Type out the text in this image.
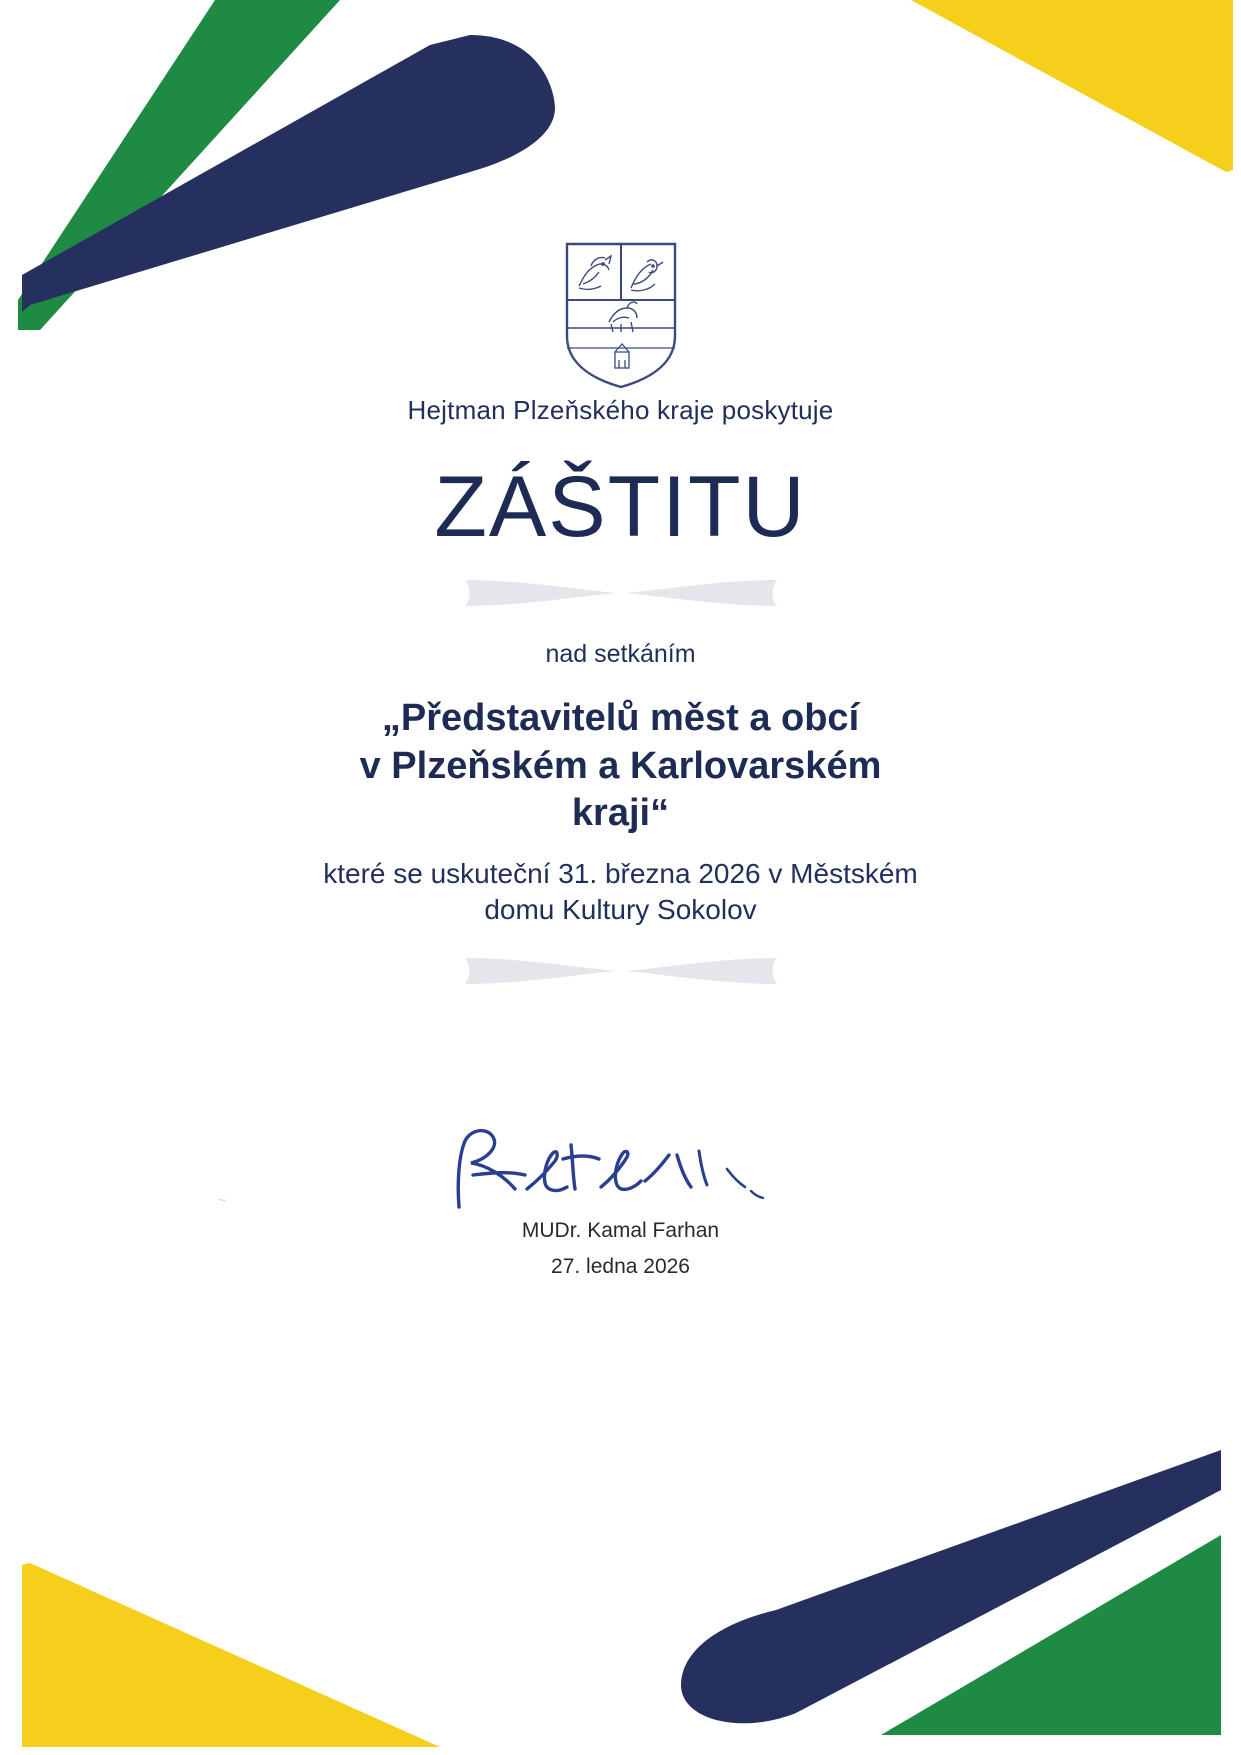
Hejtman Plzeňského kraje poskytuje
ZÁŠTITU
nad setkáním
„Představitelů měst a obcí
v Plzeňském a Karlovarském
kraji“
které se uskuteční 31. března 2026 v Městském
domu Kultury Sokolov
~
MUDr. Kamal Farhan
27. ledna 2026
